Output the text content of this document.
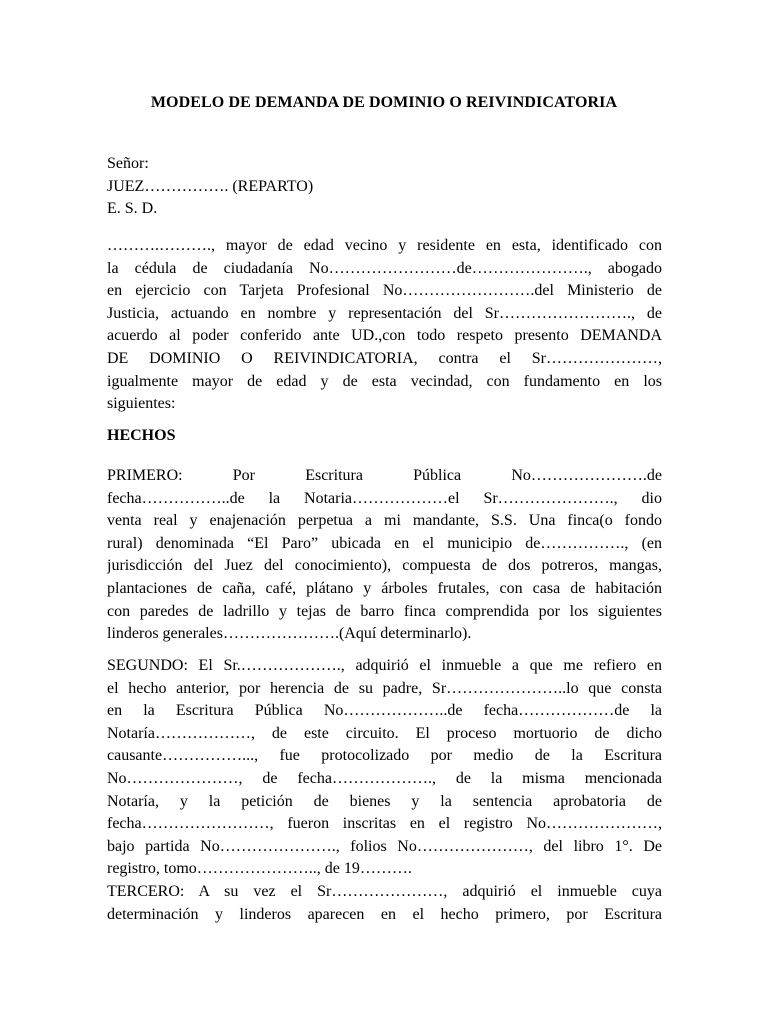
MODELO DE DEMANDA DE DOMINIO O REIVINDICATORIA
Señor:
JUEZ……………. (REPARTO)
E. S. D.
……….………., mayor de edad vecino y residente en esta, identificado con
la cédula de ciudadanía No……………………de…………………., abogado
en ejercicio con Tarjeta Profesional No…………………….del Ministerio de
Justicia, actuando en nombre y representación del Sr……………………., de
acuerdo al poder conferido ante UD.,con todo respeto presento DEMANDA
DE DOMINIO O REIVINDICATORIA, contra el Sr…………………,
igualmente mayor de edad y de esta vecindad, con fundamento en los
siguientes:
HECHOS
PRIMERO: Por Escritura Pública No………………….de
fecha……………..de la Notaria………………el Sr…………………., dio
venta real y enajenación perpetua a mi mandante, S.S. Una finca(o fondo
rural) denominada “El Paro” ubicada en el municipio de……………., (en
jurisdicción del Juez del conocimiento), compuesta de dos potreros, mangas,
plantaciones de caña, café, plátano y árboles frutales, con casa de habitación
con paredes de ladrillo y tejas de barro finca comprendida por los siguientes
linderos generales………………….(Aquí determinarlo).
SEGUNDO: El Sr.………………., adquirió el inmueble a que me refiero en
el hecho anterior, por herencia de su padre, Sr…………………..lo que consta
en la Escritura Pública No………………..de fecha………………de la
Notaría………………, de este circuito. El proceso mortuorio de dicho
causante……………..., fue protocolizado por medio de la Escritura
No…………………, de fecha………………., de la misma mencionada
Notaría, y la petición de bienes y la sentencia aprobatoria de
fecha……………………, fueron inscritas en el registro No…………………,
bajo partida No…………………., folios No…………………, del libro 1°. De
registro, tomo………………….., de 19……….
TERCERO: A su vez el Sr…………………, adquirió el inmueble cuya
determinación y linderos aparecen en el hecho primero, por Escritura
